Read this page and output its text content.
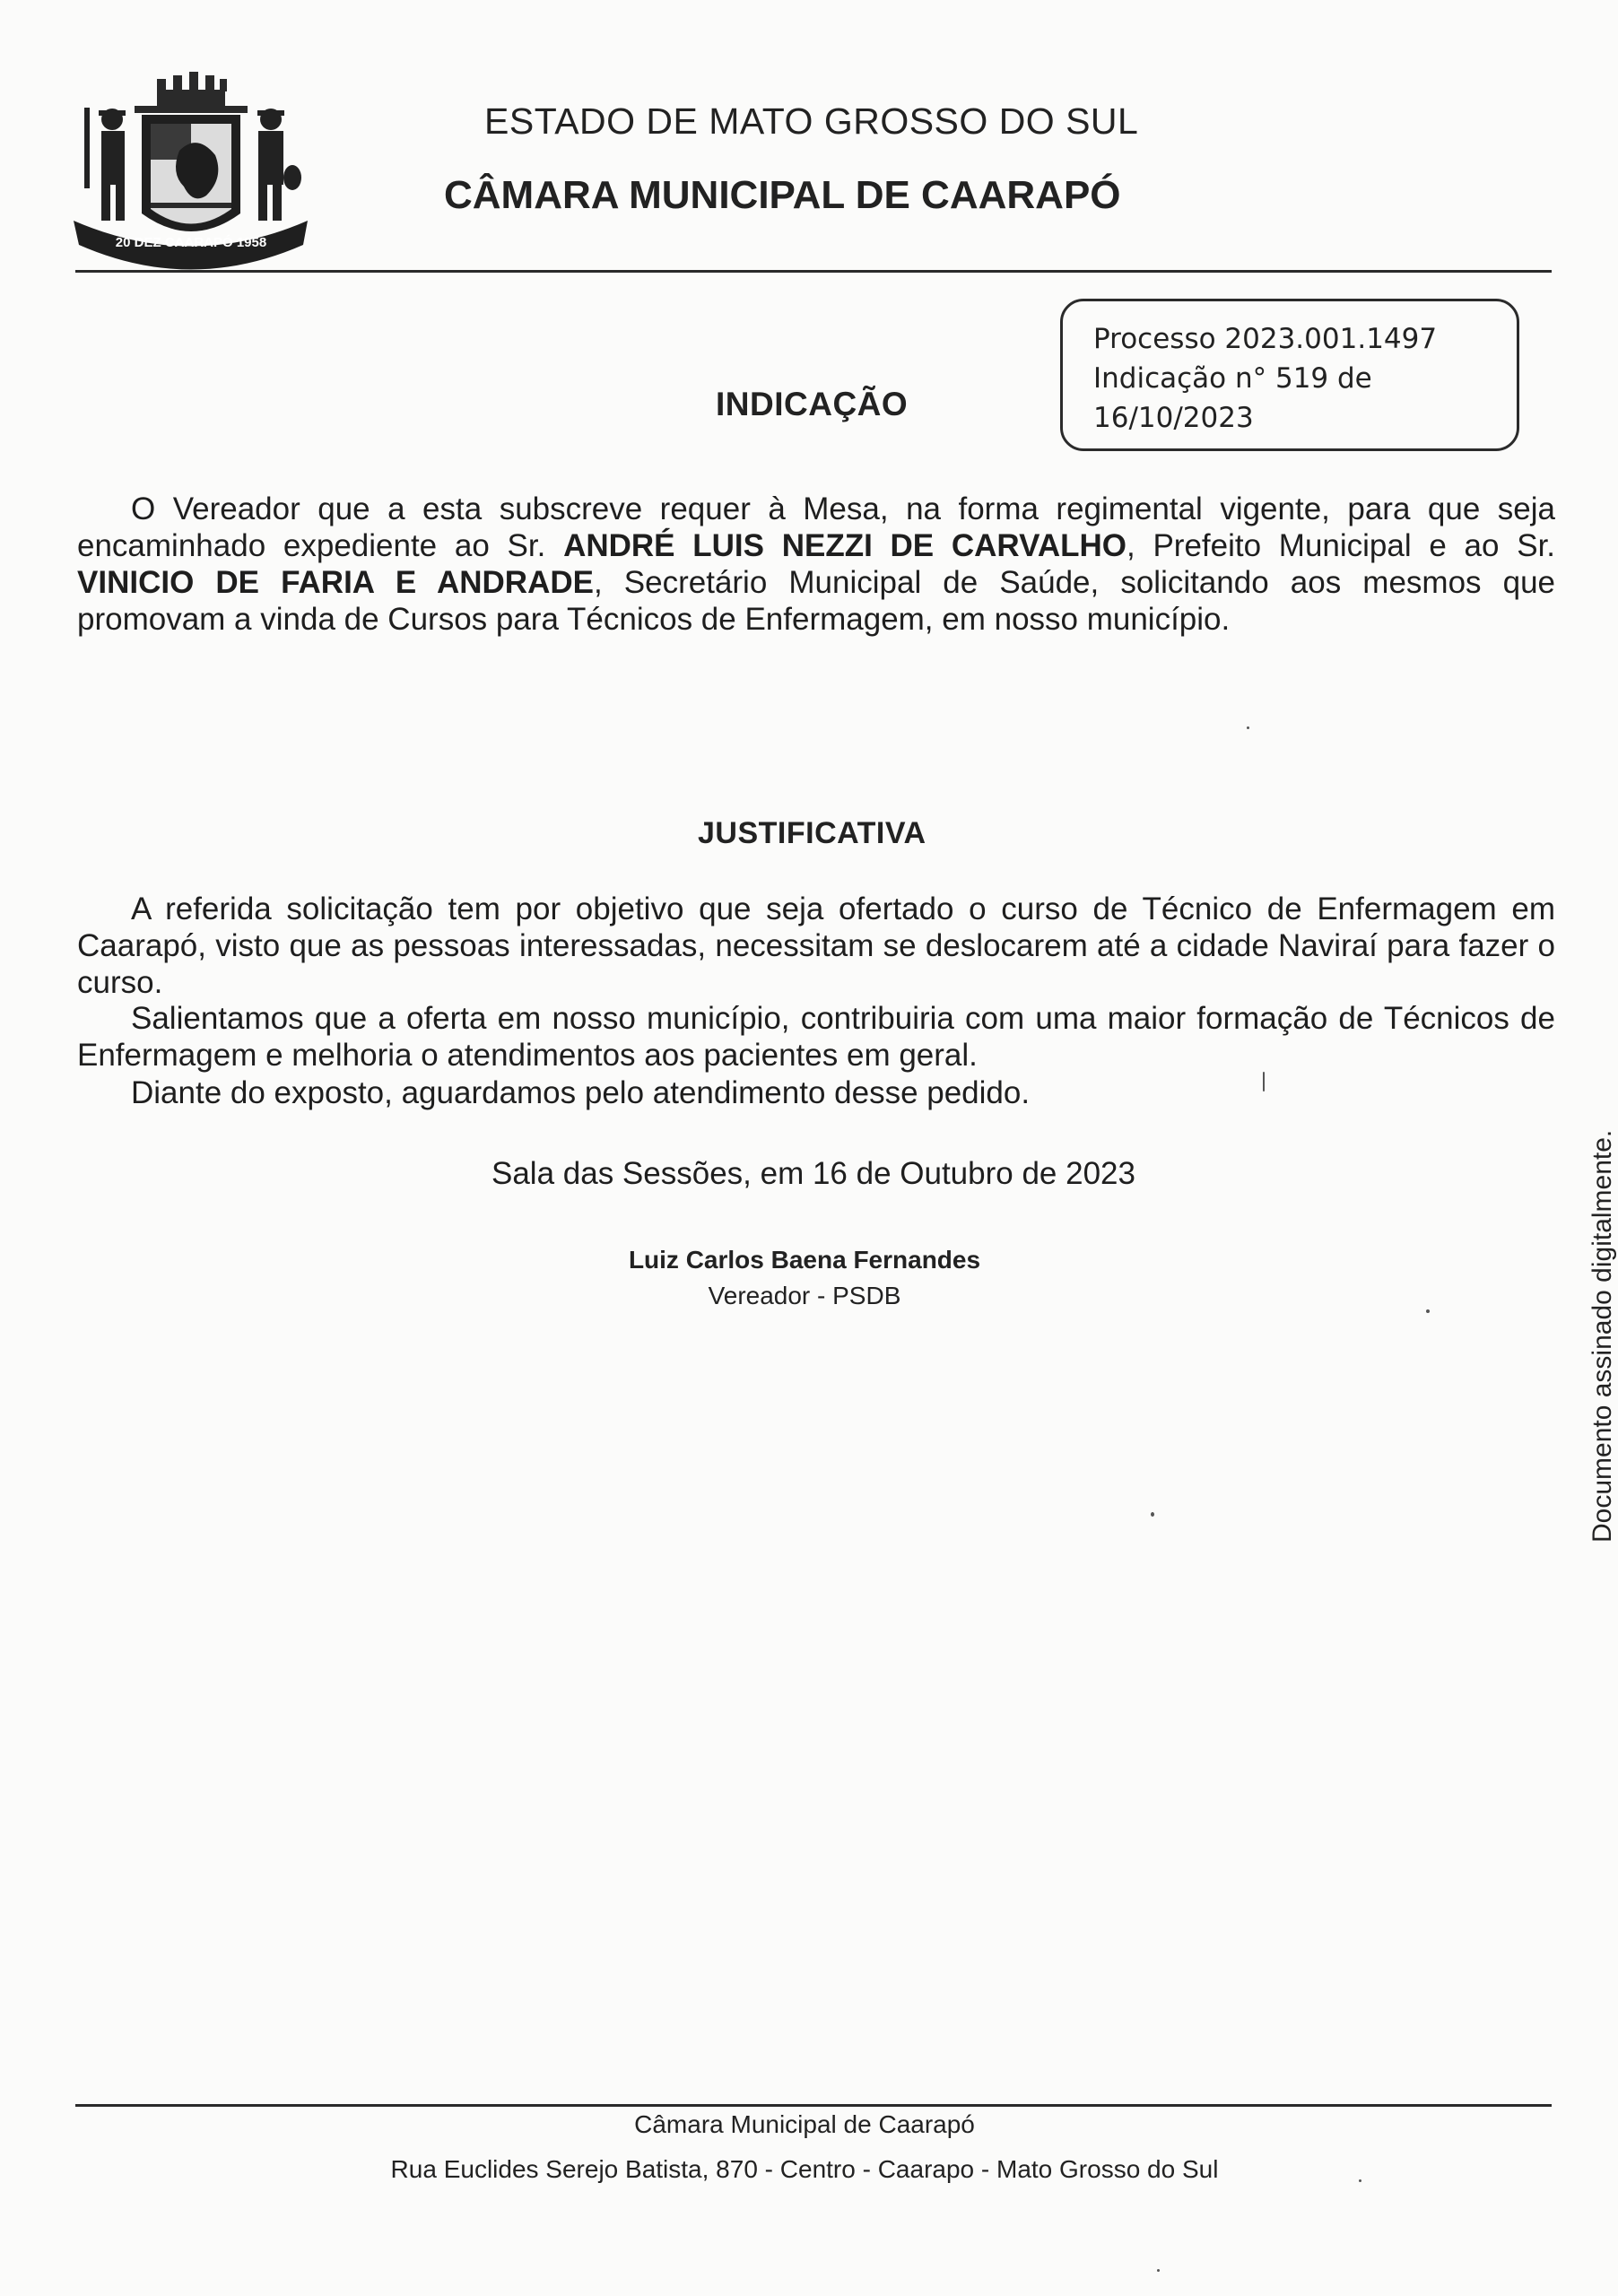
20 DEZ CAARAPÓ 1958
ESTADO DE MATO GROSSO DO SUL
CÂMARA MUNICIPAL DE CAARAPÓ
Processo 2023.001.1497
Indicação n° 519 de
16/10/2023
INDICAÇÃO
O Vereador que a esta subscreve requer à Mesa, na forma regimental vigente, para que seja encaminhado expediente ao Sr. ANDRÉ LUIS NEZZI DE CARVALHO, Prefeito Municipal e ao Sr. VINICIO DE FARIA E ANDRADE, Secretário Municipal de Saúde, solicitando aos mesmos que promovam a vinda de Cursos para Técnicos de Enfermagem, em nosso município.
JUSTIFICATIVA
A referida solicitação tem por objetivo que seja ofertado o curso de Técnico de Enfermagem em Caarapó, visto que as pessoas interessadas, necessitam se deslocarem até a cidade Naviraí para fazer o curso.
Salientamos que a oferta em nosso município, contribuiria com uma maior formação de Técnicos de Enfermagem e melhoria o atendimentos aos pacientes em geral.
Diante do exposto, aguardamos pelo atendimento desse pedido.
Sala das Sessões, em 16 de Outubro de 2023
Luiz Carlos Baena Fernandes
Vereador - PSDB	Documento assinado digitalmente.
Câmara Municipal de Caarapó
Rua Euclides Serejo Batista, 870 - Centro - Caarapo - Mato Grosso do Sul
